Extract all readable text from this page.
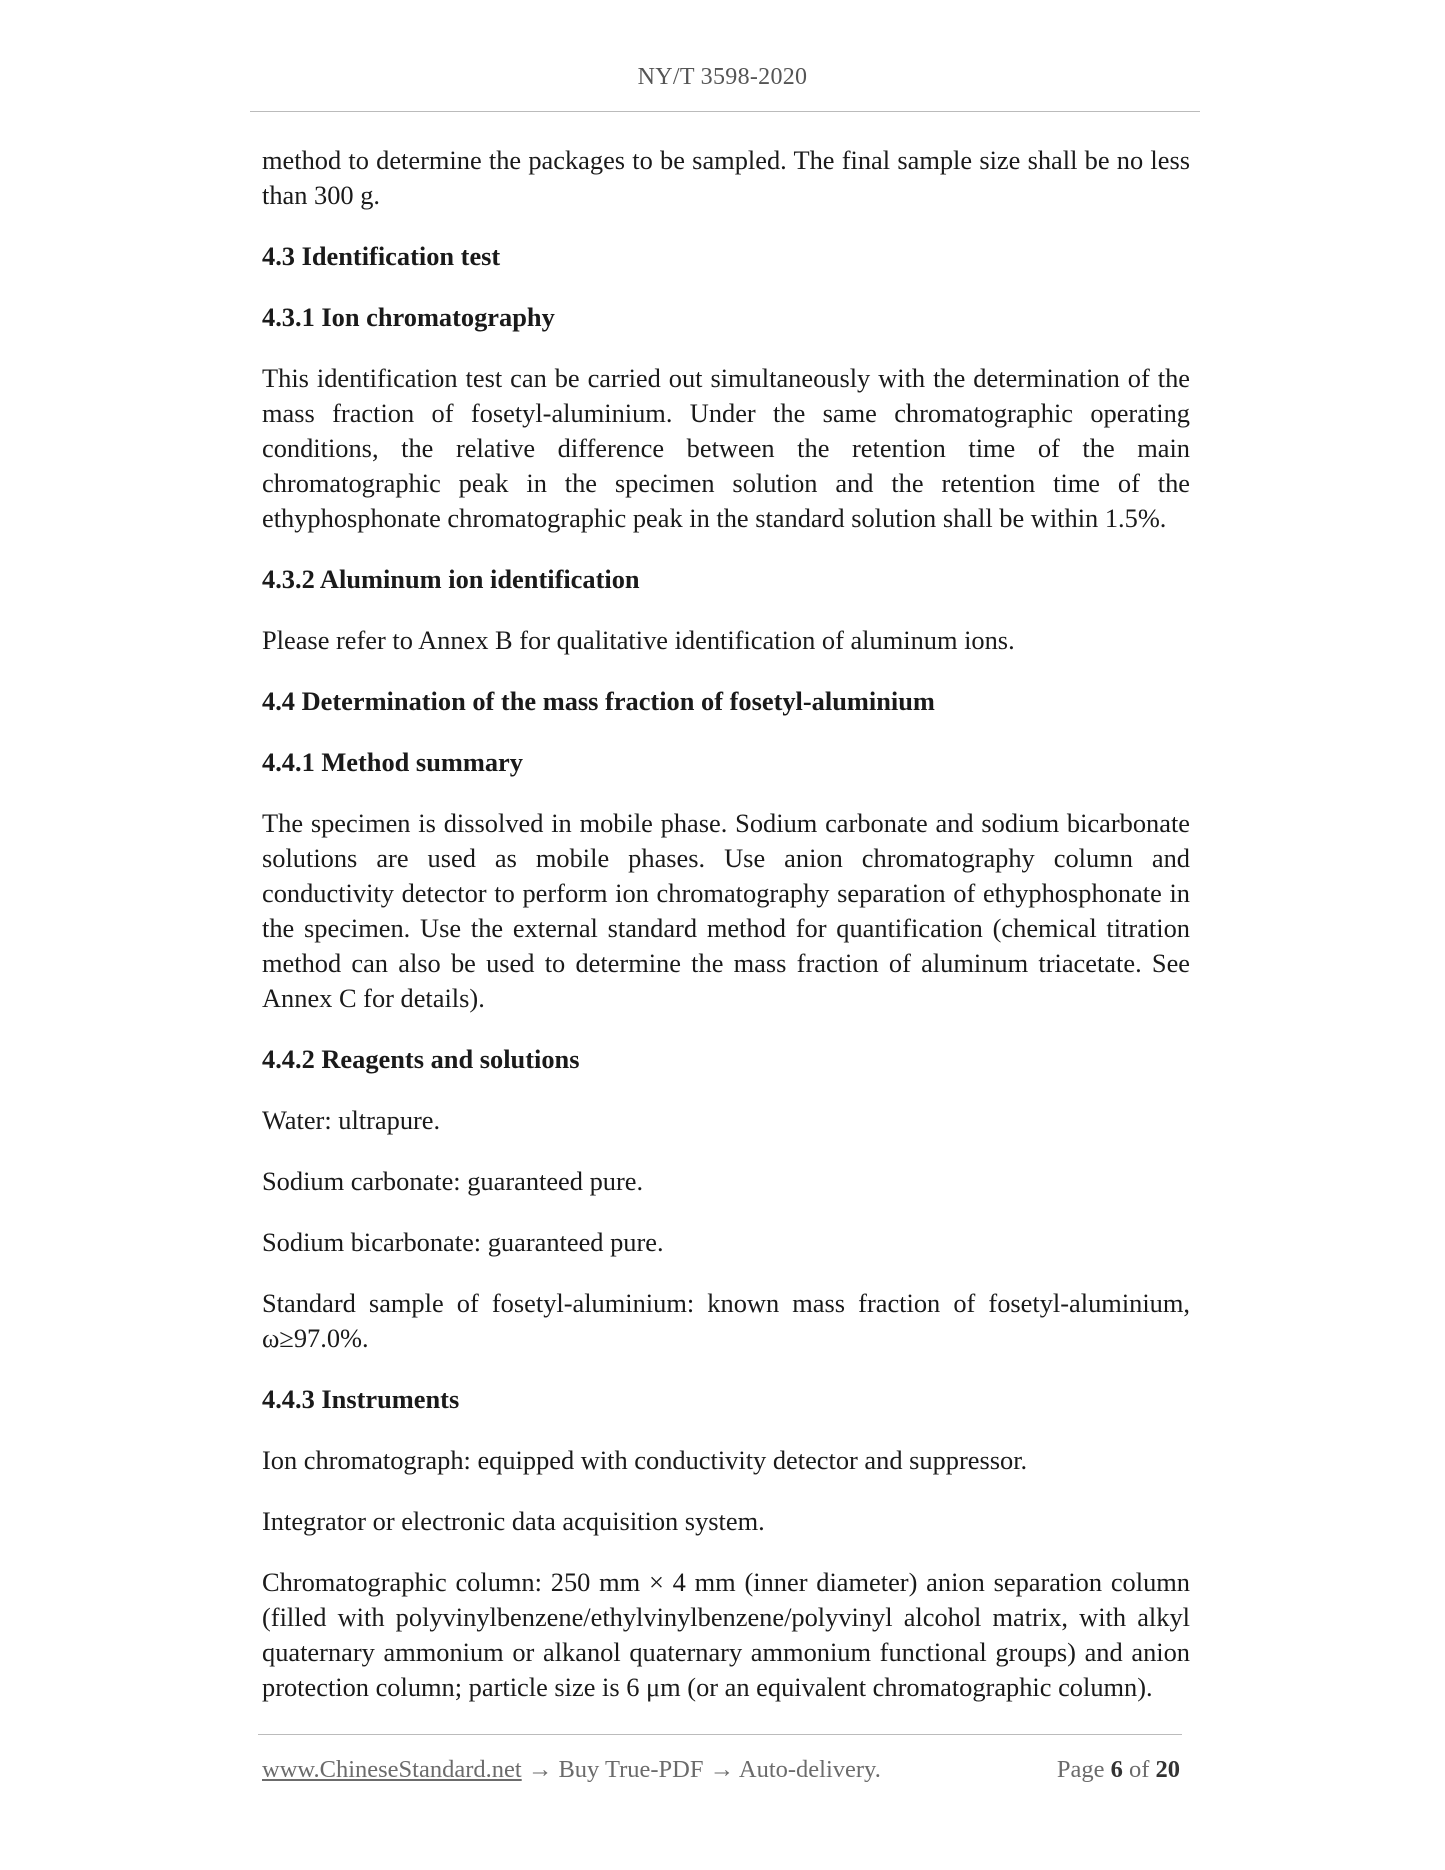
NY/T 3598-2020

method to determine the packages to be sampled. The final sample size shall be no less than 300 g.

4.3 Identification test
4.3.1 Ion chromatography

This identification test can be carried out simultaneously with the determination of the mass fraction of fosetyl-aluminium. Under the same chromatographic operating conditions, the relative difference between the retention time of the main chromatographic peak in the specimen solution and the retention time of the ethyphosphonate chromatographic peak in the standard solution shall be within 1.5%.

4.3.2 Aluminum ion identification

Please refer to Annex B for qualitative identification of aluminum ions.

4.4 Determination of the mass fraction of fosetyl-aluminium
4.4.1 Method summary

The specimen is dissolved in mobile phase. Sodium carbonate and sodium bicarbonate solutions are used as mobile phases. Use anion chromatography column and conductivity detector to perform ion chromatography separation of ethyphosphonate in the specimen. Use the external standard method for quantification (chemical titration method can also be used to determine the mass fraction of aluminum triacetate. See Annex C for details).

4.4.2 Reagents and solutions

Water: ultrapure.

Sodium carbonate: guaranteed pure.

Sodium bicarbonate: guaranteed pure.

Standard sample of fosetyl-aluminium: known mass fraction of fosetyl-aluminium, ω≥97.0%.

4.4.3 Instruments

Ion chromatograph: equipped with conductivity detector and suppressor.

Integrator or electronic data acquisition system.

Chromatographic column: 250 mm × 4 mm (inner diameter) anion separation column (filled with polyvinylbenzene/ethylvinylbenzene/polyvinyl alcohol matrix, with alkyl quaternary ammonium or alkanol quaternary ammonium functional groups) and anion protection column; particle size is 6 μm (or an equivalent chromatographic column).

www.ChineseStandard.net → Buy True-PDF → Auto-delivery.	Page 6 of 20
